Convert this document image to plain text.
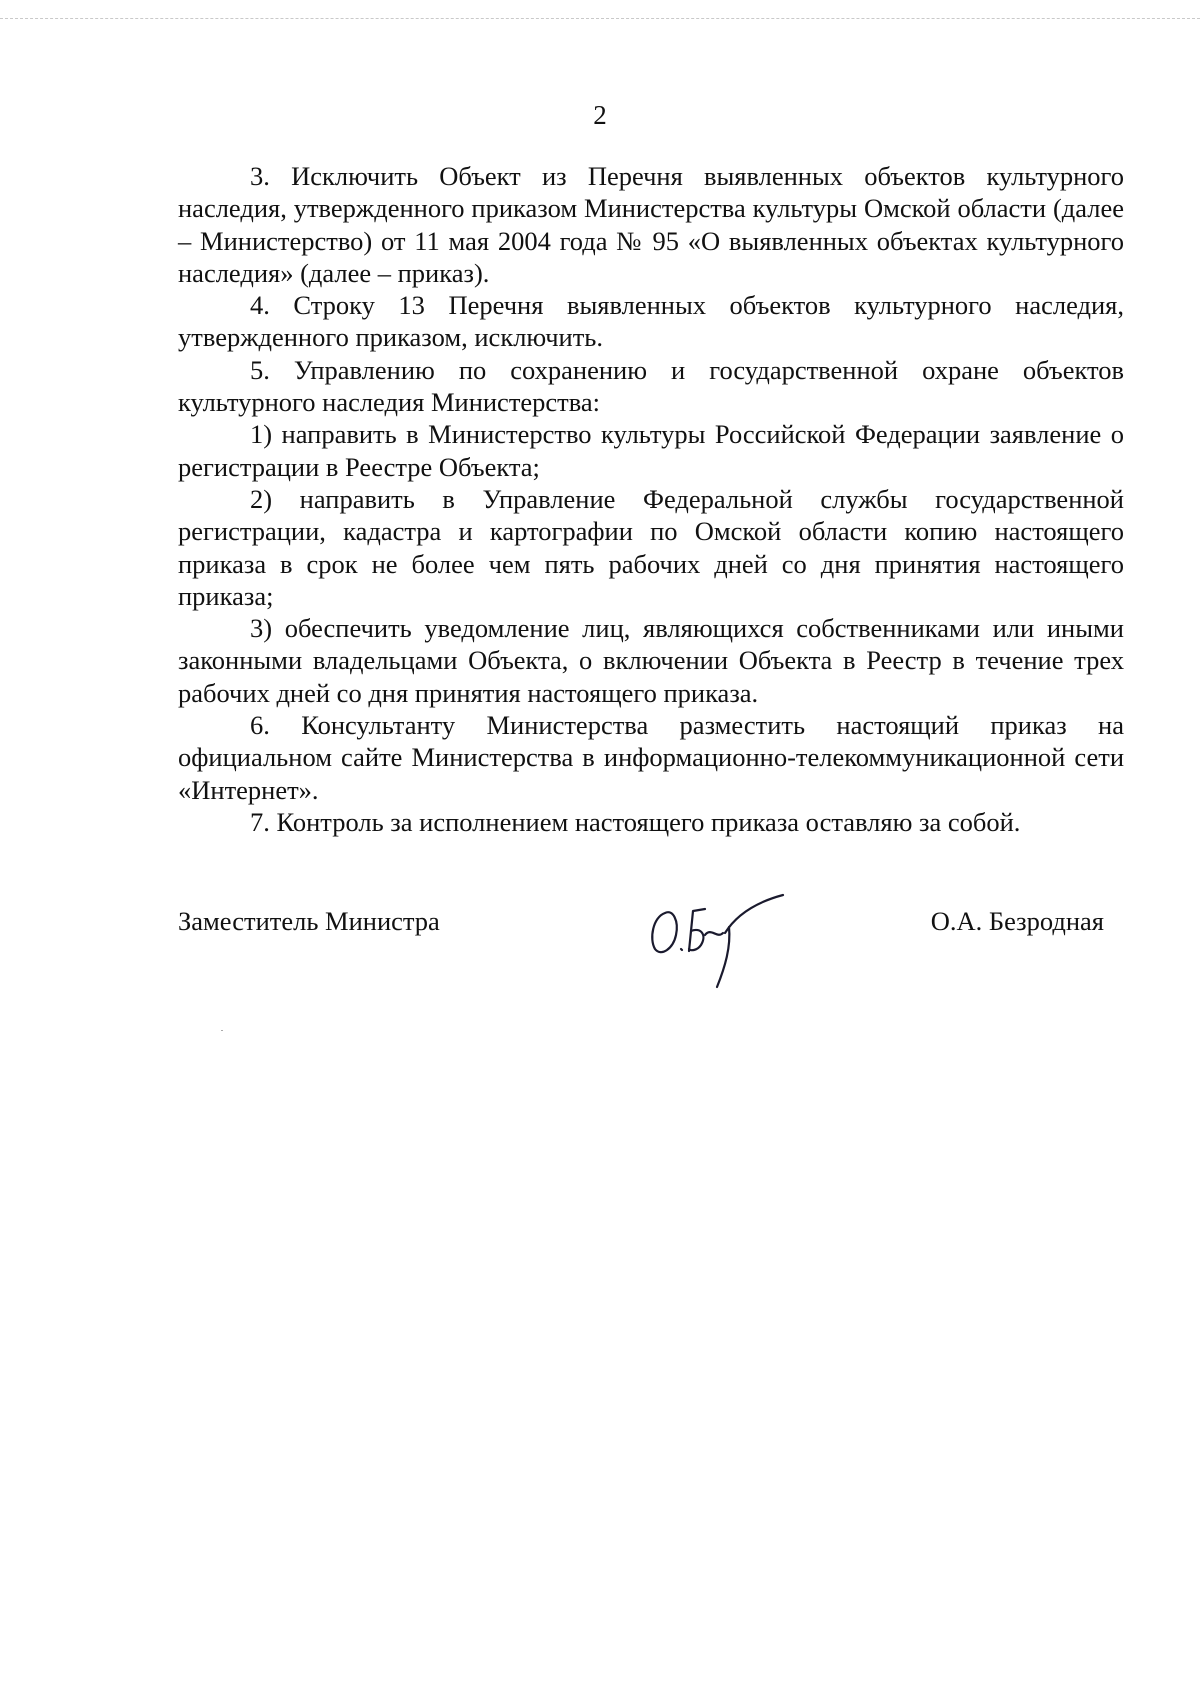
2

3. Исключить Объект из Перечня выявленных объектов культурного наследия, утвержденного приказом Министерства культуры Омской области (далее – Министерство) от 11 мая 2004 года № 95 «О выявленных объектах культурного наследия» (далее – приказ).

4. Строку 13 Перечня выявленных объектов культурного наследия, утвержденного приказом, исключить.

5. Управлению по сохранению и государственной охране объектов культурного наследия Министерства:

1) направить в Министерство культуры Российской Федерации заявление о регистрации в Реестре Объекта;

2) направить в Управление Федеральной службы государственной регистрации, кадастра и картографии по Омской области копию настоящего приказа в срок не более чем пять рабочих дней со дня принятия настоящего приказа;

3) обеспечить уведомление лиц, являющихся собственниками или иными законными владельцами Объекта, о включении Объекта в Реестр в течение трех рабочих дней со дня принятия настоящего приказа.

6. Консультанту Министерства разместить настоящий приказ на официальном сайте Министерства в информационно-телекоммуникационной сети «Интернет».

7. Контроль за исполнением настоящего приказа оставляю за собой.

Заместитель Министра	О.А. Безродная
